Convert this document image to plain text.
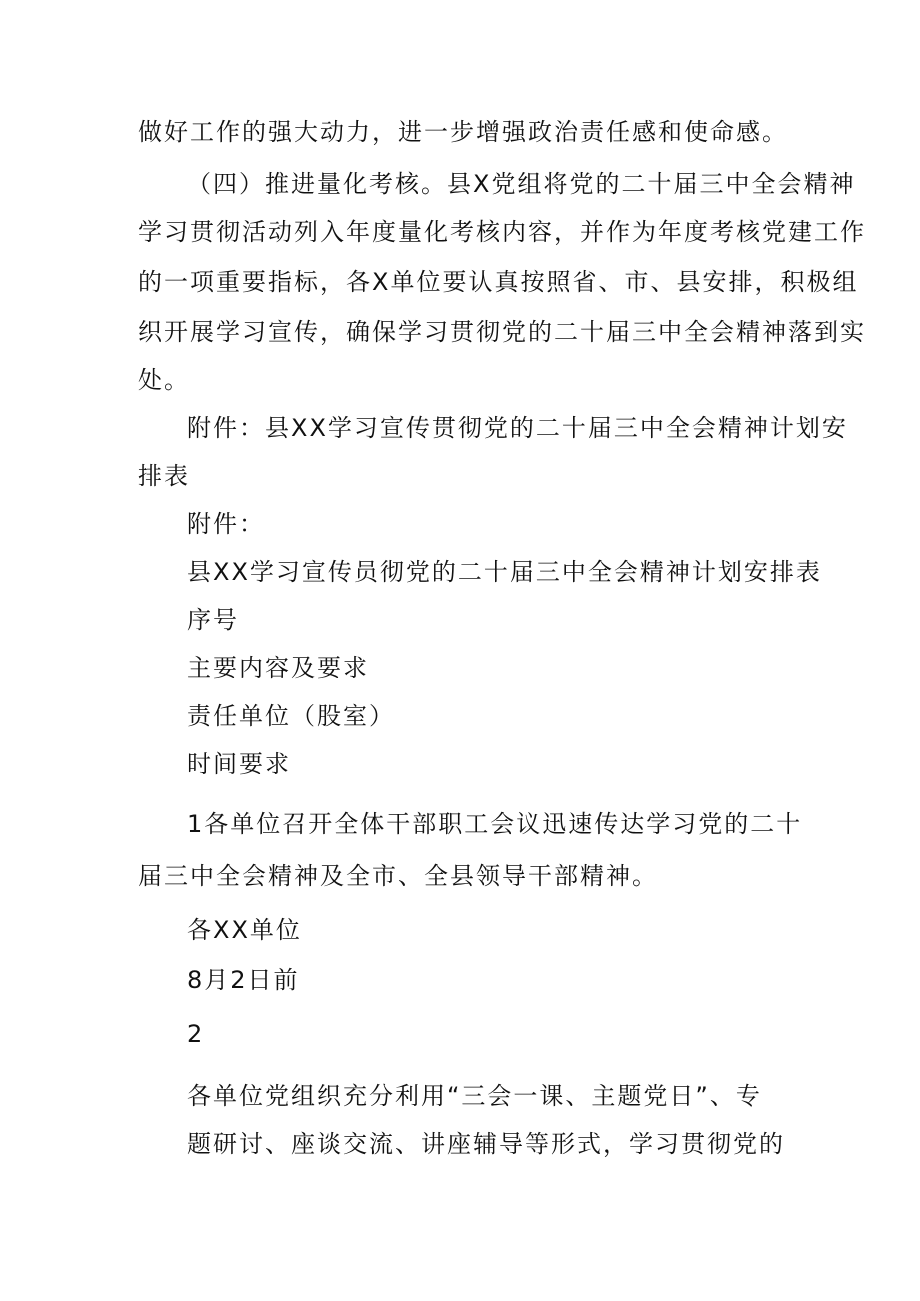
做好工作的强大动力，进一步增强政治责任感和使命感。
（四）推进量化考核。县X党组将党的二十届三中全会精神
学习贯彻活动列入年度量化考核内容，并作为年度考核党建工作
的一项重要指标，各X单位要认真按照省、市、县安排，积极组
织开展学习宣传，确保学习贯彻党的二十届三中全会精神落到实
处。
附件：县XX学习宣传贯彻党的二十届三中全会精神计划安
排表
附件：
县XX学习宣传员彻党的二十届三中全会精神计划安排表
序号
主要内容及要求
责任单位（股室）
时间要求
1各单位召开全体干部职工会议迅速传达学习党的二十
届三中全会精神及全市、全县领导干部精神。
各XX单位
8月2日前
2
各单位党组织充分利用“三会一课、主题党日”、专
题研讨、座谈交流、讲座辅导等形式，学习贯彻党的
